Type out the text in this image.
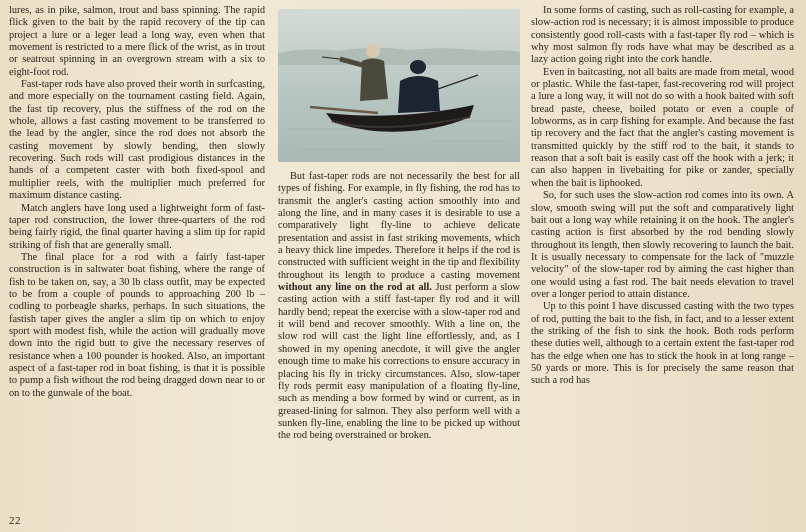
lures, as in pike, salmon, trout and bass spinning. The rapid flick given to the bait by the rapid recovery of the tip can project a lure or a leger lead a long way, even when that movement is restricted to a mere flick of the wrist, as in trout or seatrout spinning in an overgrown stream with a six to eight-foot rod.

Fast-taper rods have also proved their worth in surfcasting, and more especially on the tournament casting field. Again, the fast tip recovery, plus the stiffness of the rod on the whole, allows a fast casting movement to be transferred to the lead by the angler, since the rod does not absorb the casting movement by slowly bending, then slowly recovering. Such rods will cast prodigious distances in the hands of a competent caster with both fixed-spool and multiplier reels, with the multiplier much preferred for maximum distance casting.

Match anglers have long used a lightweight form of fast-taper rod construction, the lower three-quarters of the rod being fairly rigid, the final quarter having a slim tip for rapid striking of fish that are generally small.

The final place for a rod with a fairly fast-taper construction is in saltwater boat fishing, where the range of fish to be taken on, say, a 30 lb class outfit, may be expected to be from a couple of pounds to approaching 200 lb – codling to porbeagle sharks, perhaps. In such situations, the fastish taper gives the angler a slim tip on which to enjoy sport with modest fish, while the action will gradually move down into the rigid butt to give the necessary reserves of resistance when a 100 pounder is hooked. Also, an important aspect of a fast-taper rod in boat fishing, is that it is possible to pump a fish without the rod being dragged down near to or on to the gunwale of the boat.

But fast-taper rods are not necessarily the best for all types of fishing. For example, in fly fishing, the rod has to transmit the angler's casting action smoothly into and along the line, and in many cases it is desirable to use a comparatively light fly-line to achieve delicate presentation and assist in fast striking movements, which a heavy thick line impedes. Therefore it helps if the rod is constructed with sufficient weight in the tip and flexibility throughout its length to produce a casting movement without any line on the rod at all. Just perform a slow casting action with a stiff fast-taper fly rod and it will hardly bend; repeat the exercise with a slow-taper rod and it will bend and recover smoothly. With a line on, the slow rod will cast the light line effortlessly, and, as I showed in my opening anecdote, it will give the angler enough time to make his corrections to ensure accuracy in placing his fly in tricky circumstances. Also, slow-taper fly rods permit easy manipulation of a floating fly-line, such as mending a bow formed by wind or current, as in greased-lining for salmon. They also perform well with a sunken fly-line, enabling the line to be picked up without the rod being overstrained or broken.

In some forms of casting, such as roll-casting for example, a slow-action rod is necessary; it is almost impossible to produce consistently good roll-casts with a fast-taper fly rod – which is why most salmon fly rods have what may be described as a lazy action going right into the cork handle.

Even in baitcasting, not all baits are made from metal, wood or plastic. While the fast-taper, fast-recovering rod will project a lure a long way, it will not do so with a hook baited with soft bread paste, cheese, boiled potato or even a couple of lobworms, as in carp fishing for example. And because the fast tip recovery and the fact that the angler's casting movement is transmitted quickly by the stiff rod to the bait, it stands to reason that a soft bait is easily cast off the hook with a jerk; it can also happen in livebaiting for pike or zander, specially when the bait is liphooked.

So, for such uses the slow-action rod comes into its own. A slow, smooth swing will put the soft and comparatively light bait out a long way while retaining it on the hook. The angler's casting action is first absorbed by the rod bending slowly throughout its length, then slowly recovering to launch the bait. It is usually necessary to compensate for the lack of "muzzle velocity" of the slow-taper rod by aiming the cast higher than one would using a fast rod. The bait needs elevation to travel over a longer period to attain distance.

Up to this point I have discussed casting with the two types of rod, putting the bait to the fish, in fact, and to a lesser extent the striking of the fish to sink the hook. Both rods perform these duties well, although to a certain extent the fast-taper rod has the edge when one has to stick the hook in at long range – 50 yards or more. This is for precisely the same reason that such a rod has

22
